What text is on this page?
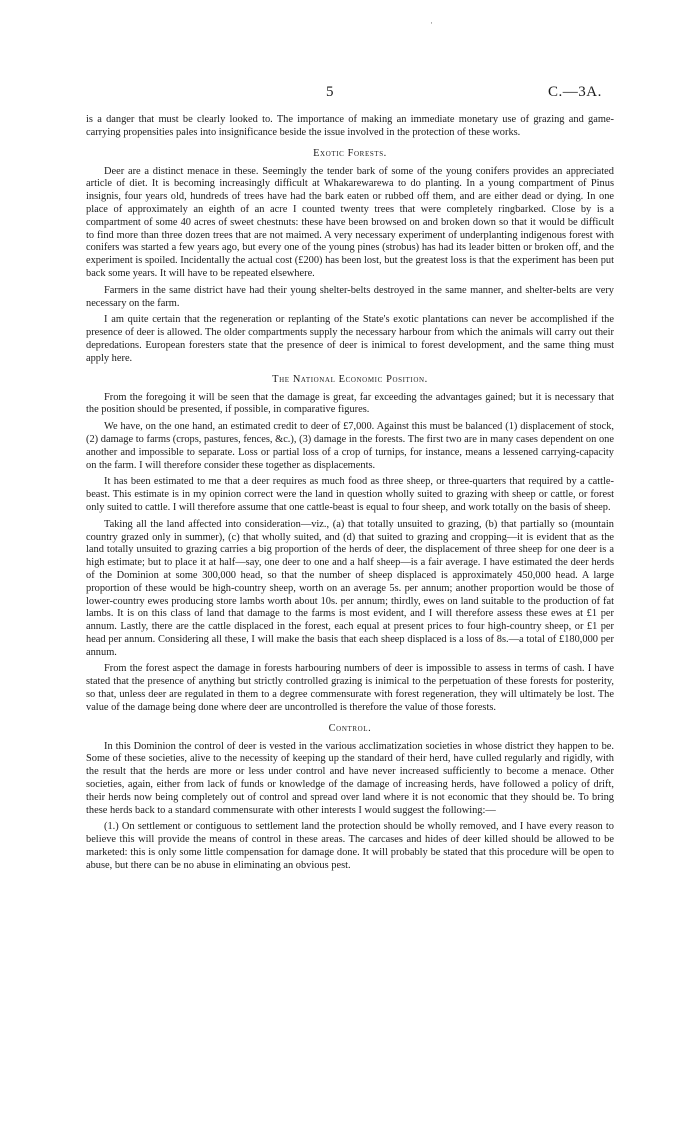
·
5	C.—3A.

is a danger that must be clearly looked to. The importance of making an immediate monetary use of grazing and game-carrying propensities pales into insignificance beside the issue involved in the protection of these works.

Exotic Forests.

Deer are a distinct menace in these. Seemingly the tender bark of some of the young conifers provides an appreciated article of diet. It is becoming increasingly difficult at Whakarewarewa to do planting. In a young compartment of Pinus insignis, four years old, hundreds of trees have had the bark eaten or rubbed off them, and are either dead or dying. In one place of approximately an eighth of an acre I counted twenty trees that were completely ringbarked. Close by is a compartment of some 40 acres of sweet chestnuts: these have been browsed on and broken down so that it would be difficult to find more than three dozen trees that are not maimed. A very necessary experiment of underplanting indigenous forest with conifers was started a few years ago, but every one of the young pines (strobus) has had its leader bitten or broken off, and the experiment is spoiled. Incidentally the actual cost (£200) has been lost, but the greatest loss is that the experiment has been put back some years. It will have to be repeated elsewhere.

Farmers in the same district have had their young shelter-belts destroyed in the same manner, and shelter-belts are very necessary on the farm.

I am quite certain that the regeneration or replanting of the State's exotic plantations can never be accomplished if the presence of deer is allowed. The older compartments supply the necessary harbour from which the animals will carry out their depredations. European foresters state that the presence of deer is inimical to forest development, and the same thing must apply here.

The National Economic Position.

From the foregoing it will be seen that the damage is great, far exceeding the advantages gained; but it is necessary that the position should be presented, if possible, in comparative figures.

We have, on the one hand, an estimated credit to deer of £7,000. Against this must be balanced (1) displacement of stock, (2) damage to farms (crops, pastures, fences, &c.), (3) damage in the forests. The first two are in many cases dependent on one another and impossible to separate. Loss or partial loss of a crop of turnips, for instance, means a lessened carrying-capacity on the farm. I will therefore consider these together as displacements.

It has been estimated to me that a deer requires as much food as three sheep, or three-quarters that required by a cattle-beast. This estimate is in my opinion correct were the land in question wholly suited to grazing with sheep or cattle, or forest only suited to cattle. I will therefore assume that one cattle-beast is equal to four sheep, and work totally on the basis of sheep.

Taking all the land affected into consideration—viz., (a) that totally unsuited to grazing, (b) that partially so (mountain country grazed only in summer), (c) that wholly suited, and (d) that suited to grazing and cropping—it is evident that as the land totally unsuited to grazing carries a big proportion of the herds of deer, the displacement of three sheep for one deer is a high estimate; but to place it at half—say, one deer to one and a half sheep—is a fair average. I have estimated the deer herds of the Dominion at some 300,000 head, so that the number of sheep displaced is approximately 450,000 head. A large proportion of these would be high-country sheep, worth on an average 5s. per annum; another proportion would be those of lower-country ewes producing store lambs worth about 10s. per annum; thirdly, ewes on land suitable to the production of fat lambs. It is on this class of land that damage to the farms is most evident, and I will therefore assess these ewes at £1 per annum. Lastly, there are the cattle displaced in the forest, each equal at present prices to four high-country sheep, or £1 per head per annum. Considering all these, I will make the basis that each sheep displaced is a loss of 8s.—a total of £180,000 per annum.

From the forest aspect the damage in forests harbouring numbers of deer is impossible to assess in terms of cash. I have stated that the presence of anything but strictly controlled grazing is inimical to the perpetuation of these forests for posterity, so that, unless deer are regulated in them to a degree commensurate with forest regeneration, they will ultimately be lost. The value of the damage being done where deer are uncontrolled is therefore the value of those forests.

Control.

In this Dominion the control of deer is vested in the various acclimatization societies in whose district they happen to be. Some of these societies, alive to the necessity of keeping up the standard of their herd, have culled regularly and rigidly, with the result that the herds are more or less under control and have never increased sufficiently to become a menace. Other societies, again, either from lack of funds or knowledge of the damage of increasing herds, have followed a policy of drift, their herds now being completely out of control and spread over land where it is not economic that they should be. To bring these herds back to a standard commensurate with other interests I would suggest the following:—

(1.) On settlement or contiguous to settlement land the protection should be wholly removed, and I have every reason to believe this will provide the means of control in these areas. The carcases and hides of deer killed should be allowed to be marketed: this is only some little compensation for damage done. It will probably be stated that this procedure will be open to abuse, but there can be no abuse in eliminating an obvious pest.
